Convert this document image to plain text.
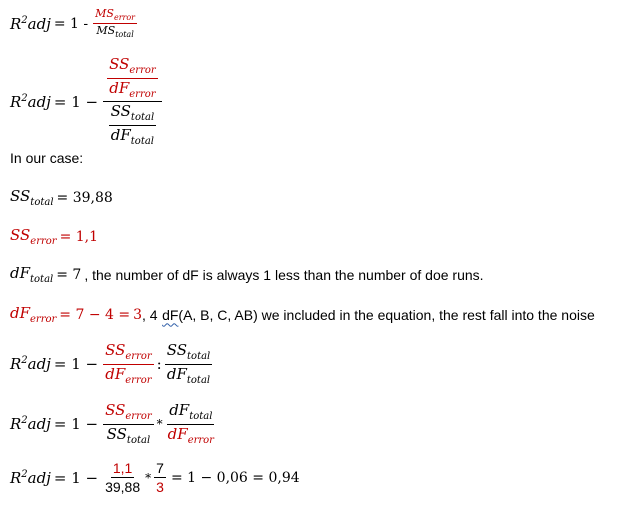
$R^2adj = 1 - \frac{MS_{error}}{MS_{total}}$
$R^2adj = 1 - \frac{\frac{SS_{error}}{dF_{error}}}{\frac{SS_{total}}{dF_{total}}}$
In our case:
$SS_{total} = 39,88$
$SS_{error} = 1,1$
$dF_{total} = 7$ , the number of dF is always 1 less than the number of doe runs.
$dF_{error} = 7 - 4 = 3$ , 4
dF (A, B, C, AB) we included in the equation, the rest fall into the noise
$R^2adj = 1 - \frac{SS_{error}}{dF_{error}}$ : $\frac{SS_{total}}{dF_{total}}$
$R^2adj = 1 - \frac{SS_{error}}{SS_{total}} * \frac{dF_{total}}{dF_{error}}$
$R^2adj = 1 - \frac{1,1}{39,88} * \frac{7}{3} = 1 - 0,06 = 0,94$
